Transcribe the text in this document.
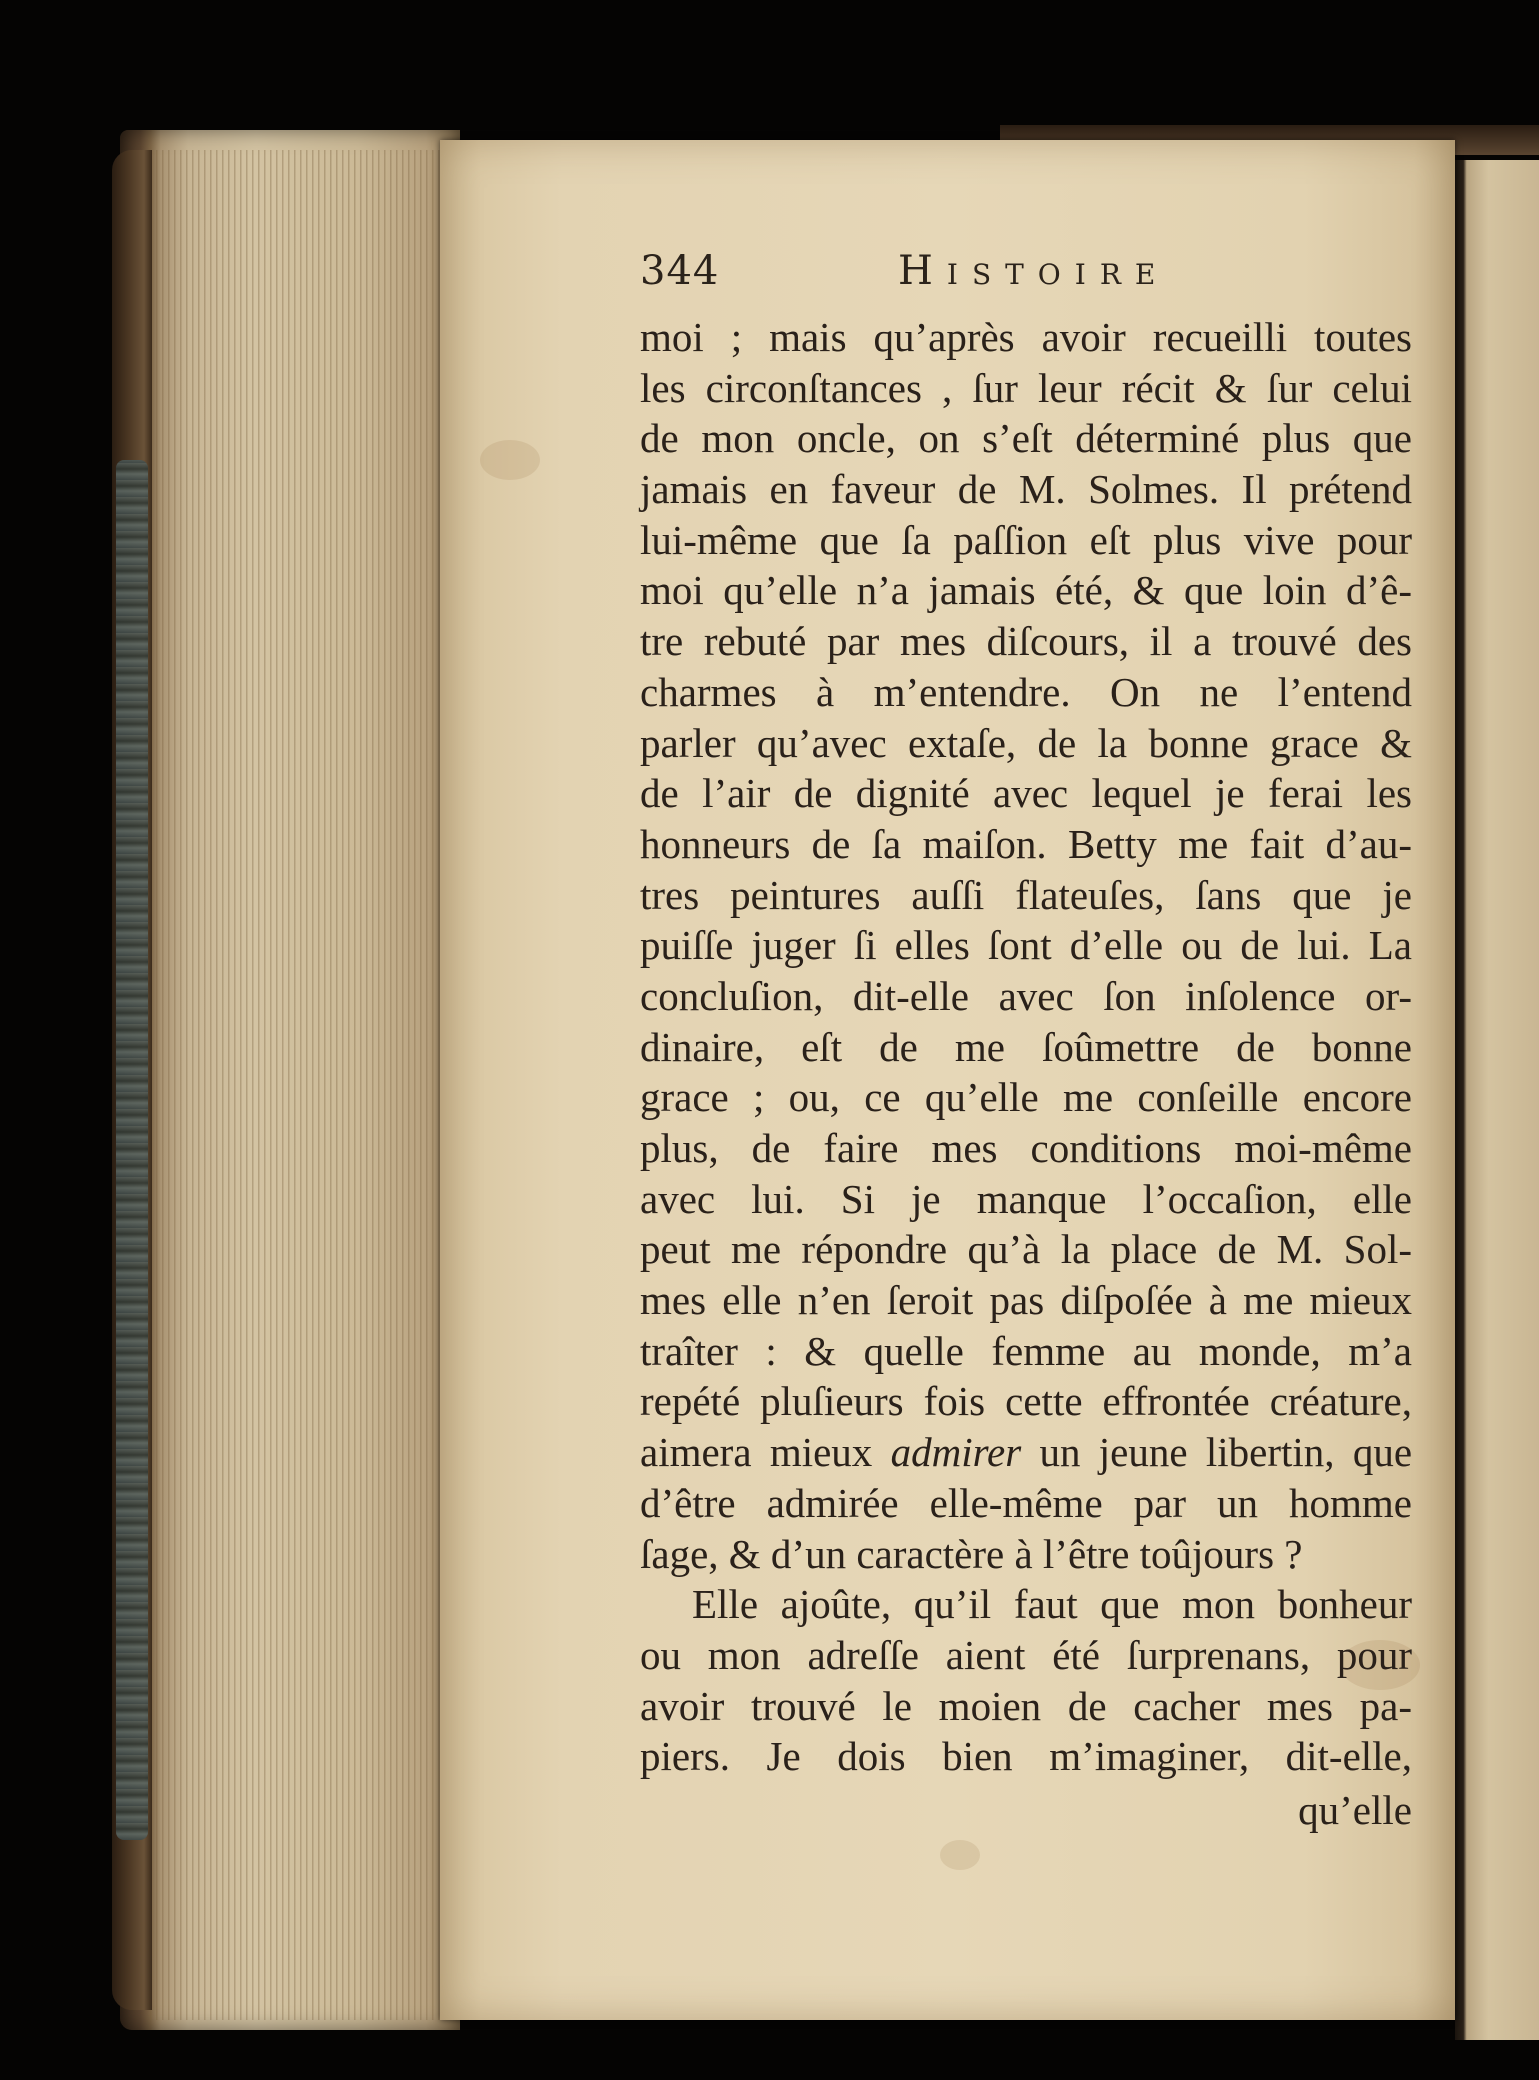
344	Histoire
moi ; mais qu’après avoir recueilli toutes
les circonſtances , ſur leur récit & ſur celui
de mon oncle, on s’eſt déterminé plus que
jamais en faveur de M. Solmes. Il prétend
lui-même que ſa paſſion eſt plus vive pour
moi qu’elle n’a jamais été, & que loin d’ê-
tre rebuté par mes diſcours, il a trouvé des
charmes à m’entendre. On ne l’entend
parler qu’avec extaſe, de la bonne grace &
de l’air de dignité avec lequel je ferai les
honneurs de ſa maiſon. Betty me fait d’au-
tres peintures auſſi flateuſes, ſans que je
puiſſe juger ſi elles ſont d’elle ou de lui. La
concluſion, dit-elle avec ſon inſolence or-
dinaire, eſt de me ſoûmettre de bonne
grace ; ou, ce qu’elle me conſeille encore
plus, de faire mes conditions moi-même
avec lui. Si je manque l’occaſion, elle
peut me répondre qu’à la place de M. Sol-
mes elle n’en ſeroit pas diſpoſée à me mieux
traîter : & quelle femme au monde, m’a
repété pluſieurs fois cette effrontée créature,
aimera mieux admirer un jeune libertin, que
d’être admirée elle-même par un homme
ſage, & d’un caractère à l’être toûjours ?
Elle ajoûte, qu’il faut que mon bonheur
ou mon adreſſe aient été ſurprenans, pour
avoir trouvé le moien de cacher mes pa-
piers. Je dois bien m’imaginer, dit-elle,
qu’elle
